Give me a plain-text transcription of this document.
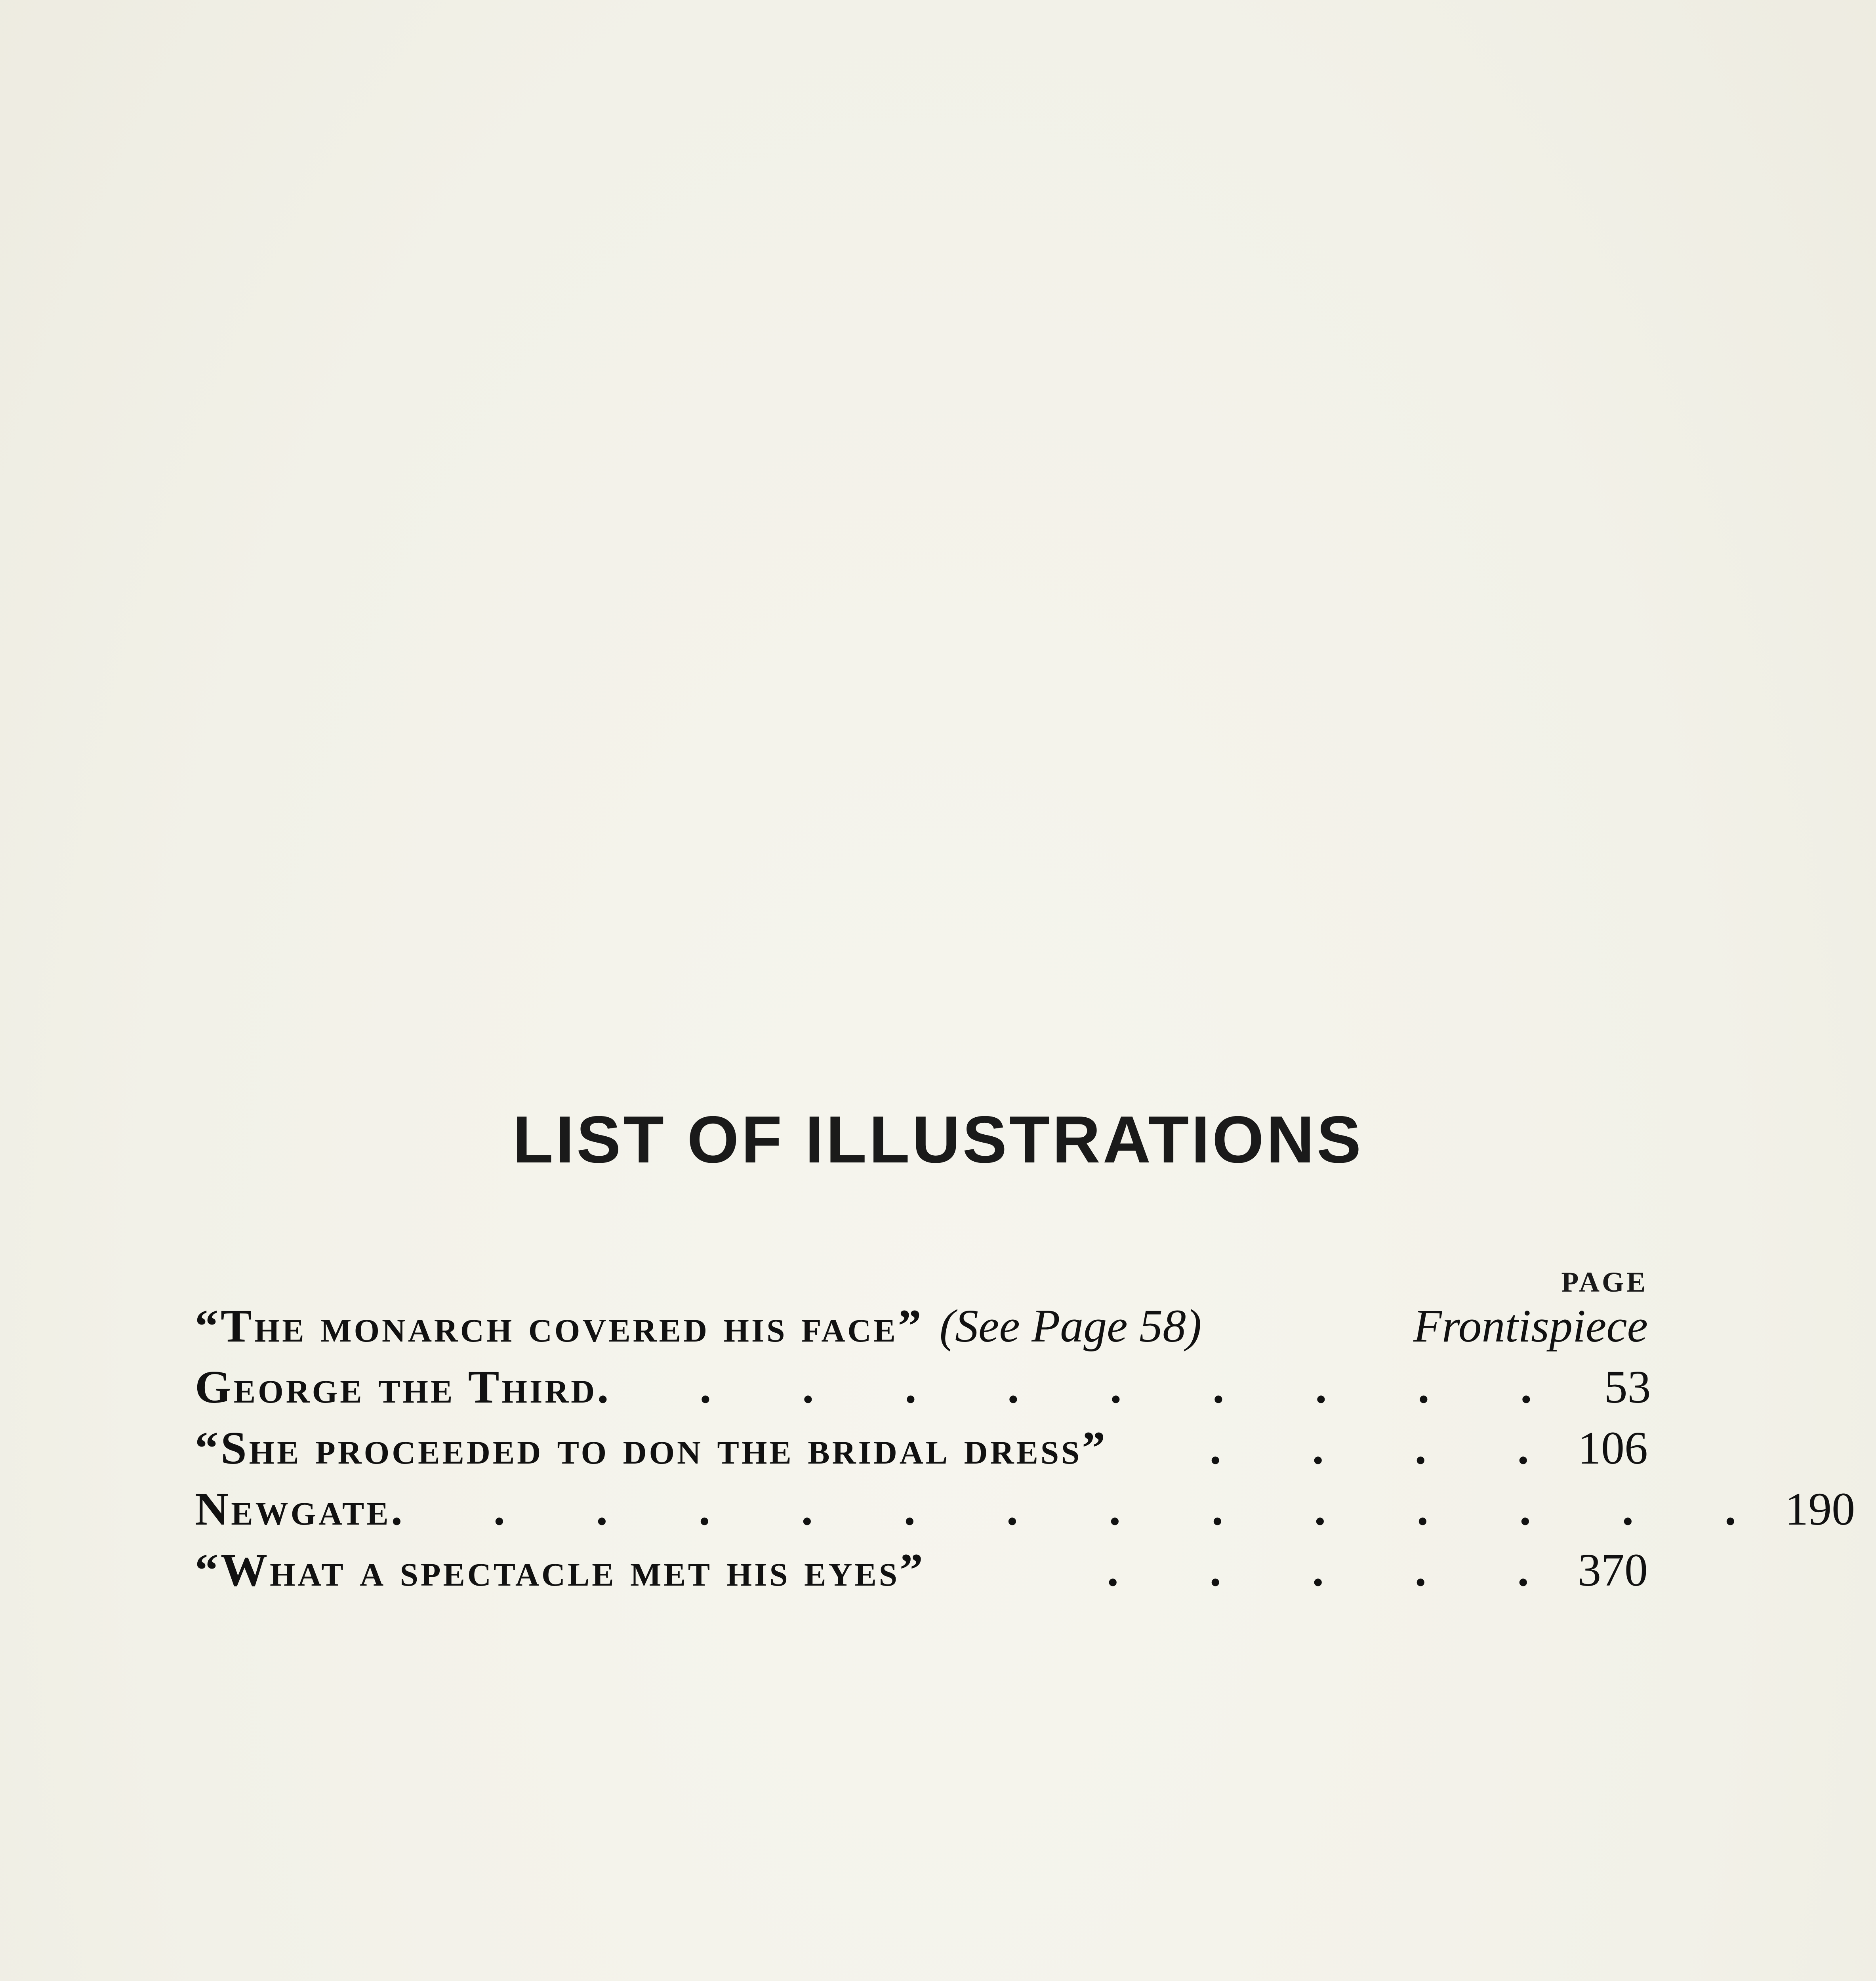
LIST OF ILLUSTRATIONS
PAGE
“The monarch covered his face” (See Page 58)	Frontispiece
George the Third . . . . . . . . . . 53
“She proceeded to don the bridal dress”	. . . . 106
Newgate . . . . . . . . . . . . . . 190
“What a spectacle met his eyes”	. . . . . 370
